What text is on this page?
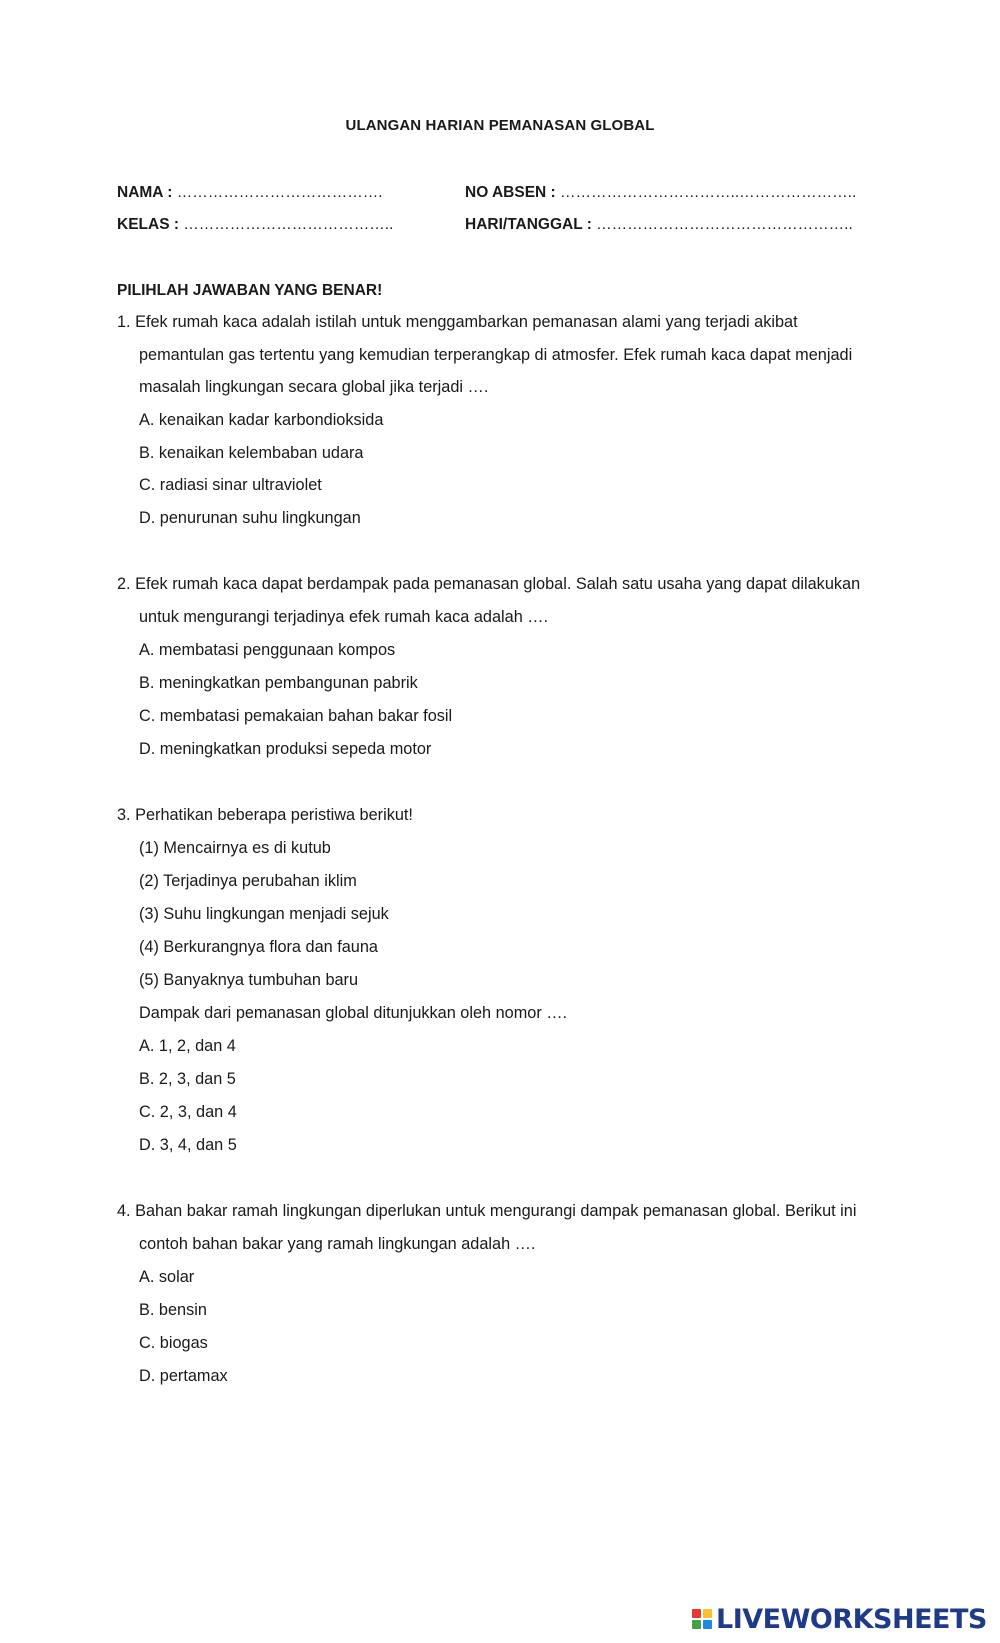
ULANGAN HARIAN PEMANASAN GLOBAL
NAMA : ………………………………….	NO ABSEN : ……………………………..…………………..
KELAS : …………………………………..	HARI/TANGGAL : …………………………………………..
PILIHLAH JAWABAN YANG BENAR!
1. Efek rumah kaca adalah istilah untuk menggambarkan pemanasan alami yang terjadi akibat
pemantulan gas tertentu yang kemudian terperangkap di atmosfer. Efek rumah kaca dapat menjadi
masalah lingkungan secara global jika terjadi ….
A. kenaikan kadar karbondioksida
B. kenaikan kelembaban udara
C. radiasi sinar ultraviolet
D. penurunan suhu lingkungan
2. Efek rumah kaca dapat berdampak pada pemanasan global. Salah satu usaha yang dapat dilakukan
untuk mengurangi terjadinya efek rumah kaca adalah ….
A. membatasi penggunaan kompos
B. meningkatkan pembangunan pabrik
C. membatasi pemakaian bahan bakar fosil
D. meningkatkan produksi sepeda motor
3. Perhatikan beberapa peristiwa berikut!
(1) Mencairnya es di kutub
(2) Terjadinya perubahan iklim
(3) Suhu lingkungan menjadi sejuk
(4) Berkurangnya flora dan fauna
(5) Banyaknya tumbuhan baru
Dampak dari pemanasan global ditunjukkan oleh nomor ….
A. 1, 2, dan 4
B. 2, 3, dan 5
C. 2, 3, dan 4
D. 3, 4, dan 5
4. Bahan bakar ramah lingkungan diperlukan untuk mengurangi dampak pemanasan global. Berikut ini
contoh bahan bakar yang ramah lingkungan adalah ….
A. solar
B. bensin
C. biogas
D. pertamax
LIVEWORKSHEETS
